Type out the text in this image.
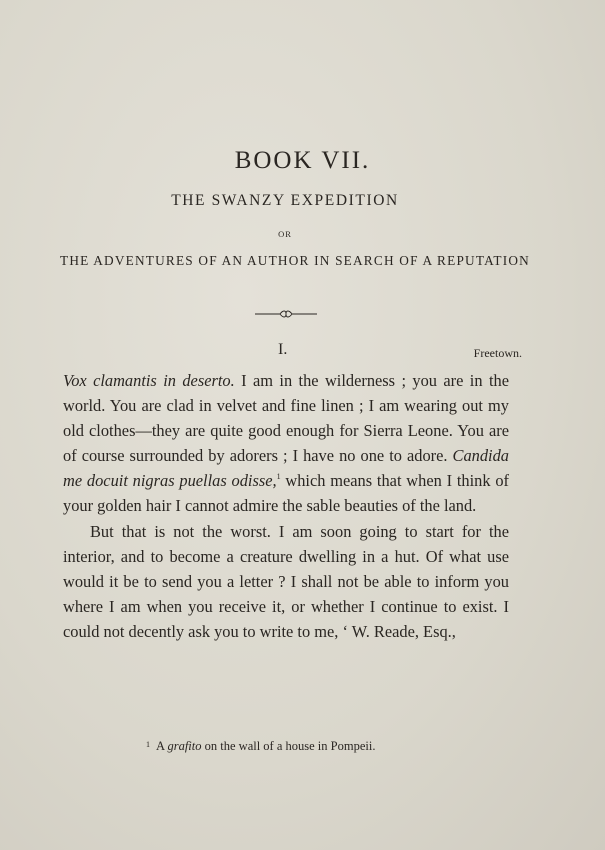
BOOK VII.
THE SWANZY EXPEDITION
OR
THE ADVENTURES OF AN AUTHOR IN SEARCH OF A REPUTATION
I.	Freetown.

Vox clamantis in deserto. I am in the wilderness ; you are in the world. You are clad in velvet and fine linen ; I am wearing out my old clothes—they are quite good enough for Sierra Leone. You are of course surrounded by adorers ; I have no one to adore. Candida me docuit nigras puellas odisse,$^1$ which means that when I think of your golden hair I cannot admire the sable beauties of the land.

But that is not the worst. I am soon going to start for the interior, and to become a creature dwelling in a hut. Of what use would it be to send you a letter ? I shall not be able to inform you where I am when you receive it, or whether I continue to exist. I could not decently ask you to write to me, ‘ W. Reade, Esq.,

$^1$ A grafito on the wall of a house in Pompeii.
